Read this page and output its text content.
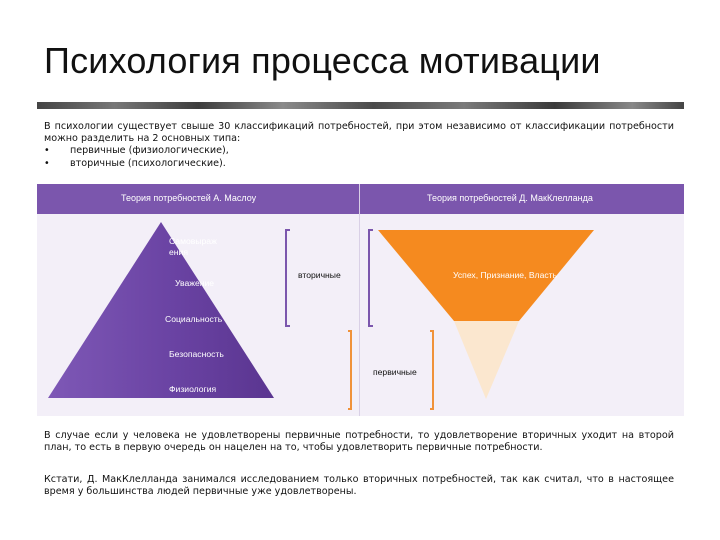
Психология процесса мотивации

В психологии существует свыше 30 классификаций потребностей, при этом независимо от классификации потребности можно разделить на 2 основных типа:

•	первичные (физиологические),
•	вторичные (психологические).
Теория потребностей А. Маслоу	Теория потребностей Д. МакКлелланда
Самовыраж ения
Уважение
Социальность
Безопасность
Физиология
вторичные
первичные
Успех, Признание, Власть

В случае если у человека не удовлетворены первичные потребности, то удовлетворение вторичных уходит на второй план, то есть в первую очередь он нацелен на то, чтобы удовлетворить первичные потребности.

Кстати, Д. МакКлелланда занимался исследованием только вторичных потребностей, так как считал, что в настоящее время у большинства людей первичные уже удовлетворены.
